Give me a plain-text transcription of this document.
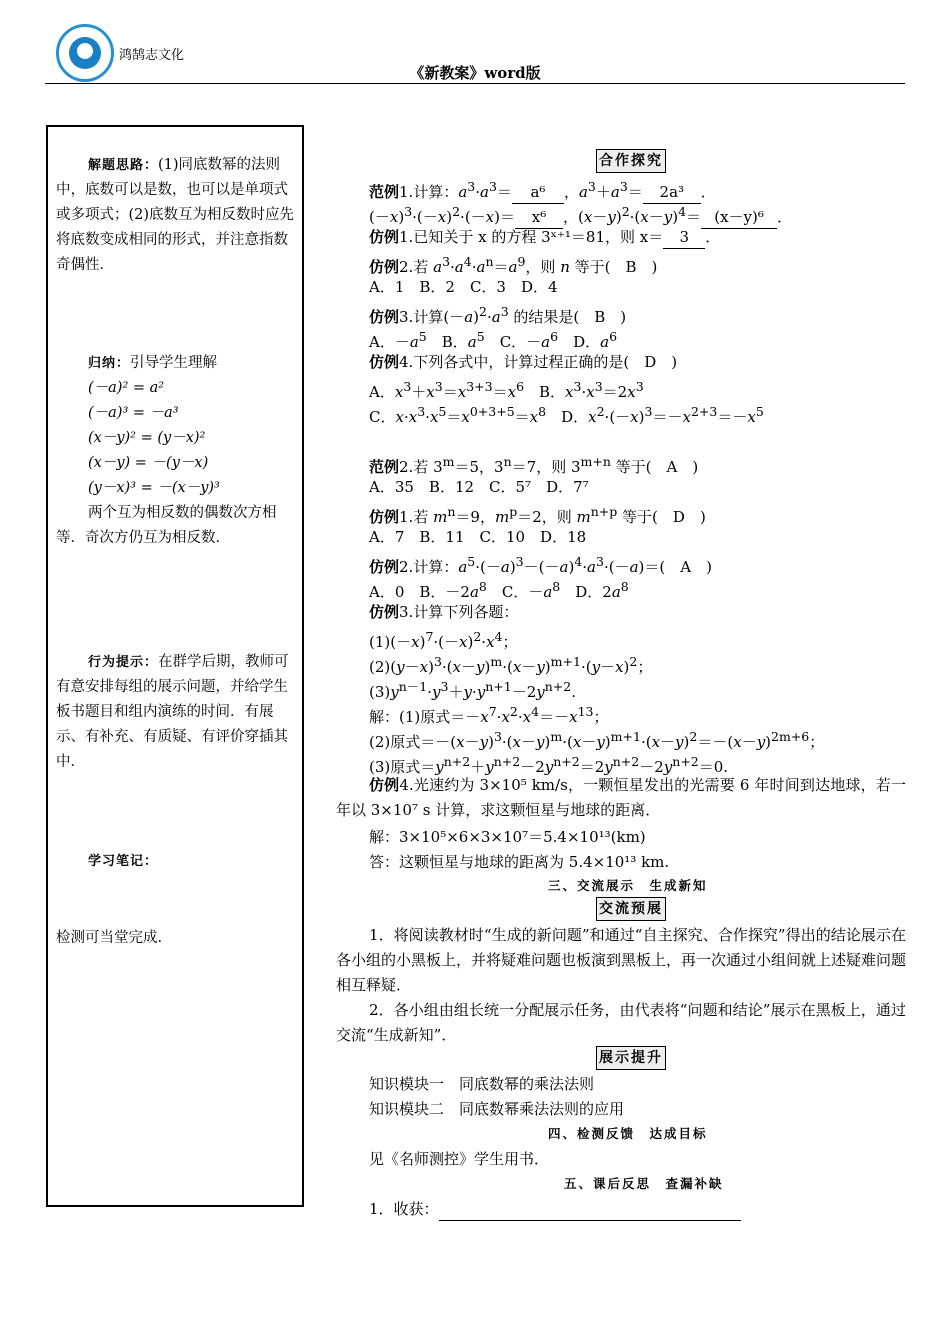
鸿鹄志文化
《新教案》word版

解题思路：(1)同底数幂的法则中，底数可以是数，也可以是单项式或多项式；(2)底数互为相反数时应先将底数变成相同的形式，并注意指数奇偶性．

归纳：引导学生理解

(－a)² = a²

(－a)³ = －a³

(x－y)² = (y－x)²

(x－y) = －(y－x)

(y－x)³ = －(x－y)³

两个互为相反数的偶数次方相等．奇次方仍互为相反数．

行为提示：在群学后期，教师可有意安排每组的展示问题，并给学生板书题目和组内演练的时间．有展示、有补充、有质疑、有评价穿插其中．

学习笔记：

检测可当堂完成.
合作探究
范例1.计算：$a^3\cdot a^3= a^6$ ，$a^3+a^3= 2a^3$ ．
$(-x)^3\cdot(-x)^2\cdot(-x)= x^6$ ，$(x-y)^2\cdot(x-y)^4= (x-y)^6$ ．
仿例1.已知关于 x 的方程 3ˣ⁺¹＝81，则 x＝ 3 ．
仿例2.若 $a^3\cdot a^4\cdot a^n=a^9$，则 n 等于(　B　)
A．1　B．2　C．3　D．4
仿例3.计算$(-a)^2\cdot a^3$ 的结果是(　B　)
A．$-a^5$　B．$a^5$　C．$-a^6$　D．$a^6$
仿例4.下列各式中，计算过程正确的是(　 D　)
A．$x^3+x^3=x^{3+3}=x^6$　B．$x^3\cdot x^3=2x^3$
C．$x\cdot x^3\cdot x^5=x^{0+3+5}=x^8$　D．$x^2\cdot(-x)^3=-x^{2+3}=-x^5$
范例2.若 $3^m=5$，$3^n=7$，则 $3^{m+n}$ 等于(　A　)
A．35　B．12　C．5⁷　D．7⁷
仿例1.若 $m^n=9$，$m^p=2$，则 $m^{n+p}$ 等于(　D　)
A．7　B．11　C．10　D．18
仿例2.计算：$a^5\cdot(-a)^3-(-a)^4\cdot a^3\cdot(-a)=$(　A　)
A．0　B．$-2a^8$　C．$-a^8$　D．$2a^8$
仿例3.计算下列各题：
$(1)(-x)^7\cdot(-x)^2\cdot x^4$；
$(2)(y-x)^3\cdot(x-y)^m\cdot(x-y)^{m+1}\cdot(y-x)^2$；
$(3)y^{n-1}\cdot y^3+y\cdot y^{n+1}-2y^{n+2}$.
解：(1)原式$=-x^7\cdot x^2\cdot x^4=-x^{13}$；
(2)原式$=-(x-y)^3\cdot(x-y)^m\cdot(x-y)^{m+1}\cdot(x-y)^2=-(x-y)^{2m+6}$；
(3)原式$=y^{n+2}+y^{n+2}-2y^{n+2}=2y^{n+2}-2y^{n+2}=0$.
仿例4.光速约为 3×10⁵ km/s，一颗恒星发出的光需要 6 年时间到达地球，若一年以 3×10⁷ s 计算，求这颗恒星与地球的距离．
解：3×10⁵×6×3×10⁷＝5.4×10¹³(km)
答：这颗恒星与地球的距离为 5.4×10¹³ km.
三、交流展示　生成新知
交流预展
1．将阅读教材时“生成的新问题”和通过“自主探究、合作探究”得出的结论展示在各小组的小黑板上，并将疑难问题也板演到黑板上，再一次通过小组间就上述疑难问题相互释疑．
2．各小组由组长统一分配展示任务，由代表将“问题和结论”展示在黑板上，通过交流“生成新知”．
展示提升
知识模块一　同底数幂的乘法法则
知识模块二　同底数幂乘法法则的应用
四、检测反馈　达成目标
见《名师测控》学生用书．
五、课后反思　查漏补缺
1．收获：
